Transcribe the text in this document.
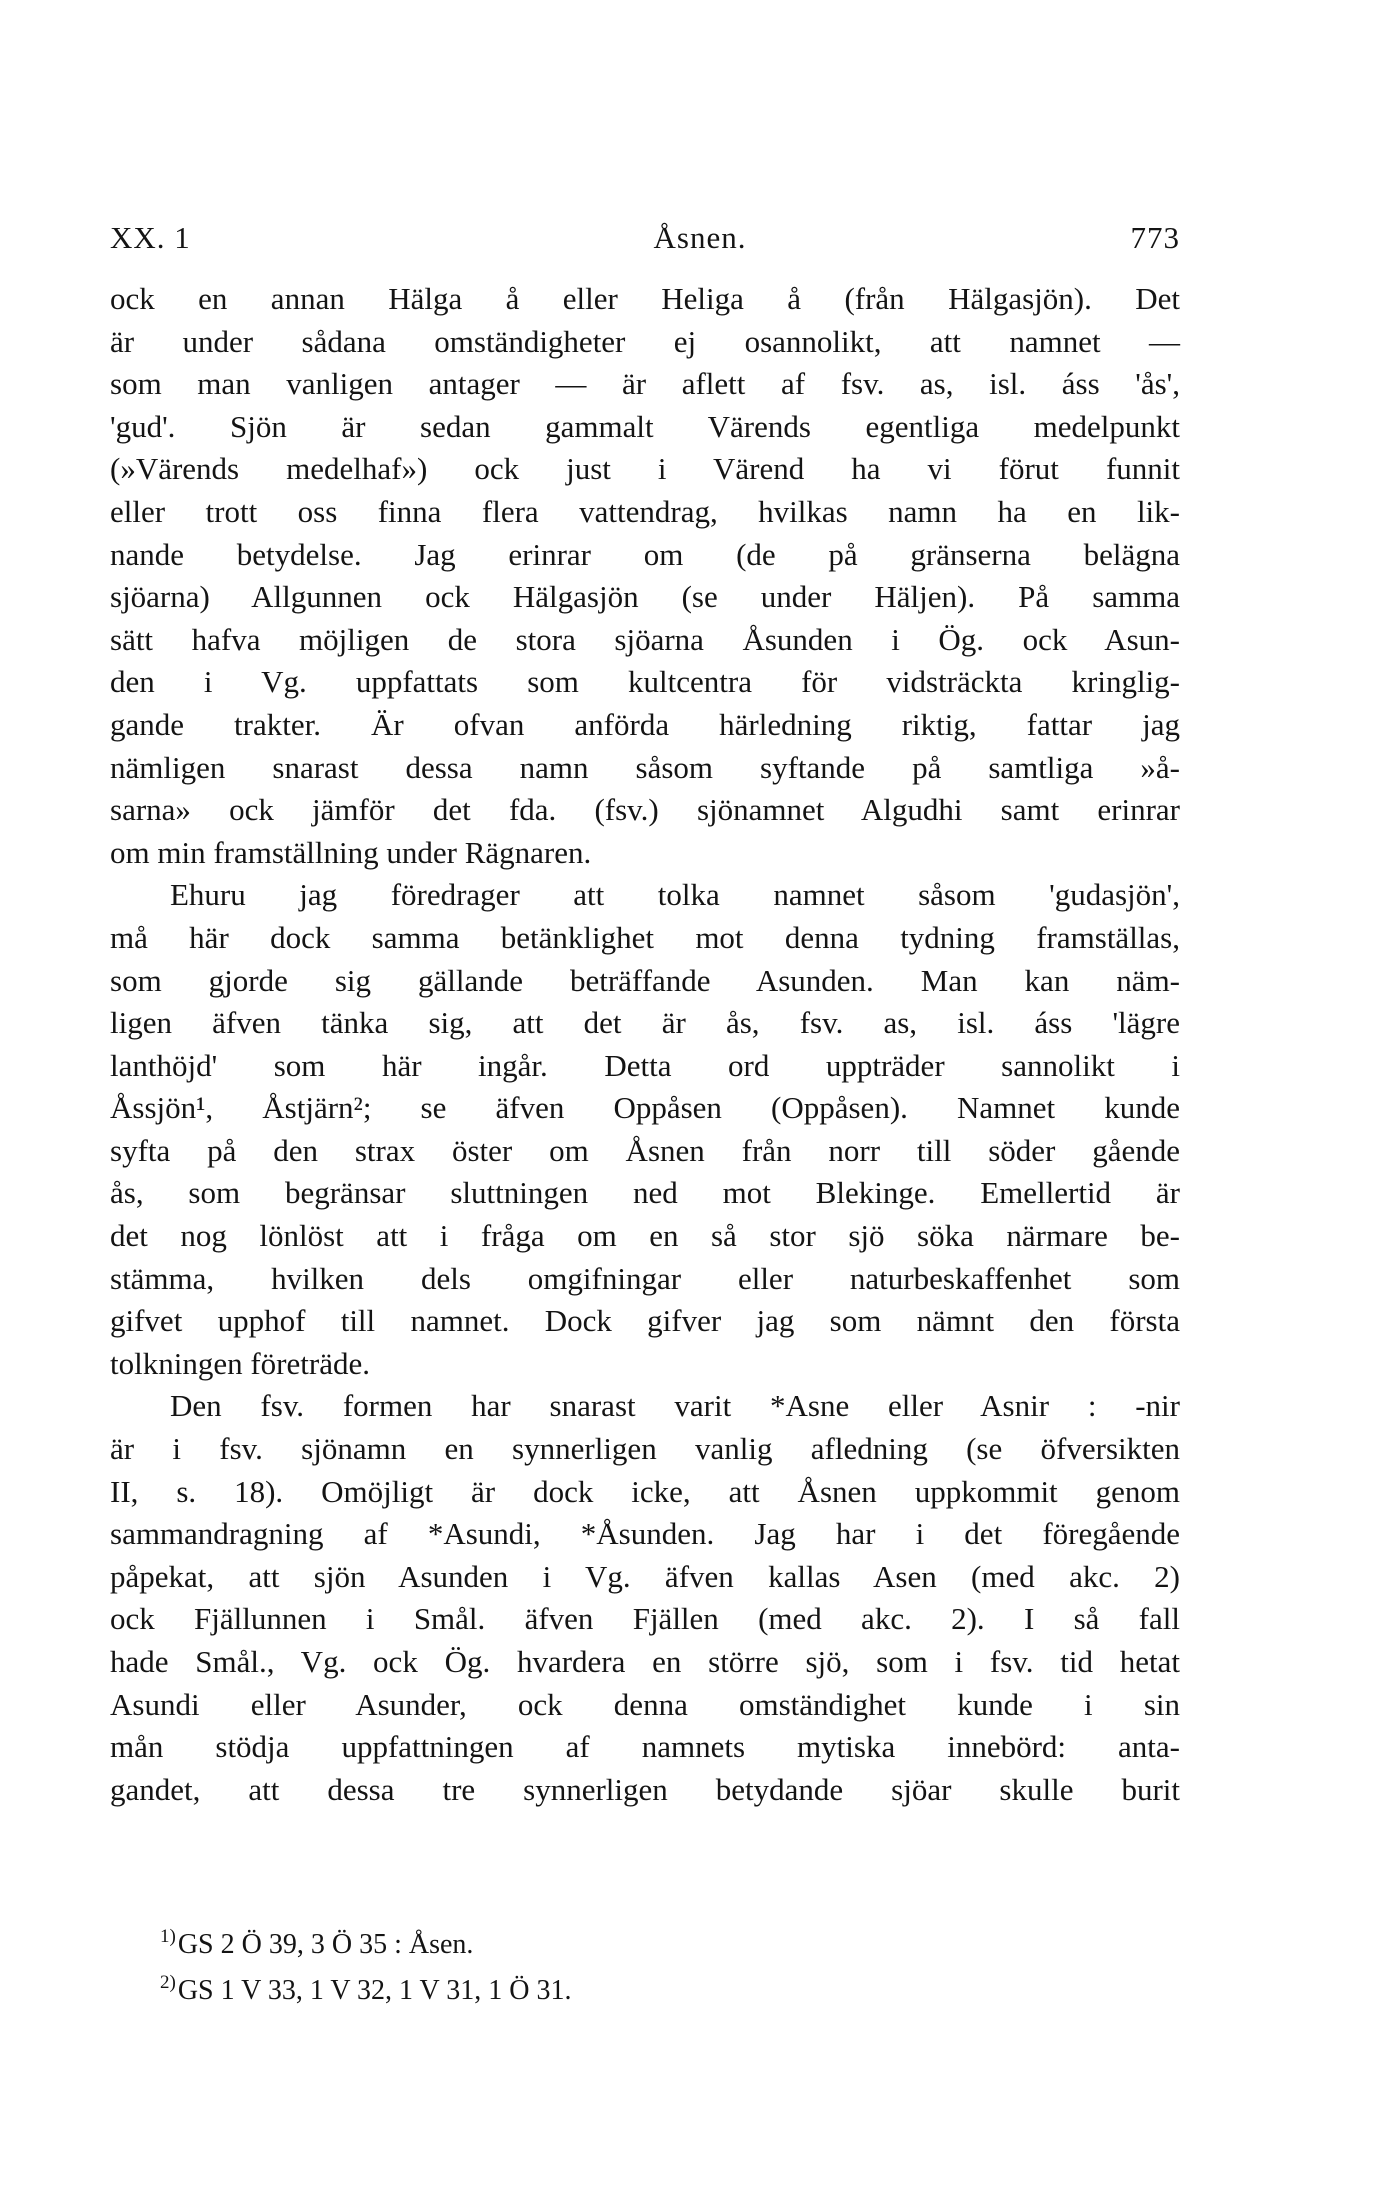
XX. 1	Åsnen.	773

ock en annan Hälga å eller Heliga å (från Hälgasjön). Det

är under sådana omständigheter ej osannolikt, att namnet —

som man vanligen antager — är aflett af fsv. as, isl. áss 'ås',

'gud'. Sjön är sedan gammalt Värends egentliga medelpunkt

(»Värends medelhaf») ock just i Värend ha vi förut funnit

eller trott oss finna flera vattendrag, hvilkas namn ha en lik-

nande betydelse. Jag erinrar om (de på gränserna belägna

sjöarna) Allgunnen ock Hälgasjön (se under Häljen). På samma

sätt hafva möjligen de stora sjöarna Åsunden i Ög. ock Asun-

den i Vg. uppfattats som kultcentra för vidsträckta kringlig-

gande trakter. Är ofvan anförda härledning riktig, fattar jag

nämligen snarast dessa namn såsom syftande på samtliga »å-

sarna» ock jämför det fda. (fsv.) sjönamnet Algudhi samt erinrar

om min framställning under Rägnaren.

Ehuru jag föredrager att tolka namnet såsom 'gudasjön',

må här dock samma betänklighet mot denna tydning framställas,

som gjorde sig gällande beträffande Asunden. Man kan näm-

ligen äfven tänka sig, att det är ås, fsv. as, isl. áss 'lägre

lanthöjd' som här ingår. Detta ord uppträder sannolikt i

Åssjön¹, Åstjärn²; se äfven Oppåsen (Oppåsen). Namnet kunde

syfta på den strax öster om Åsnen från norr till söder gående

ås, som begränsar sluttningen ned mot Blekinge. Emellertid är

det nog lönlöst att i fråga om en så stor sjö söka närmare be-

stämma, hvilken dels omgifningar eller naturbeskaffenhet som

gifvet upphof till namnet. Dock gifver jag som nämnt den första

tolkningen företräde.

Den fsv. formen har snarast varit *Asne eller Asnir : -nir

är i fsv. sjönamn en synnerligen vanlig afledning (se öfversikten

II, s. 18). Omöjligt är dock icke, att Åsnen uppkommit genom

sammandragning af *Asundi, *Åsunden. Jag har i det föregående

påpekat, att sjön Asunden i Vg. äfven kallas Asen (med akc. 2)

ock Fjällunnen i Smål. äfven Fjällen (med akc. 2). I så fall

hade Smål., Vg. ock Ög. hvardera en större sjö, som i fsv. tid hetat

Asundi eller Asunder, ock denna omständighet kunde i sin

mån stödja uppfattningen af namnets mytiska innebörd: anta-

gandet, att dessa tre synnerligen betydande sjöar skulle burit

$^{1)}$GS 2 Ö 39, 3 Ö 35 : Åsen.

$^{2)}$GS 1 V 33, 1 V 32, 1 V 31, 1 Ö 31.
